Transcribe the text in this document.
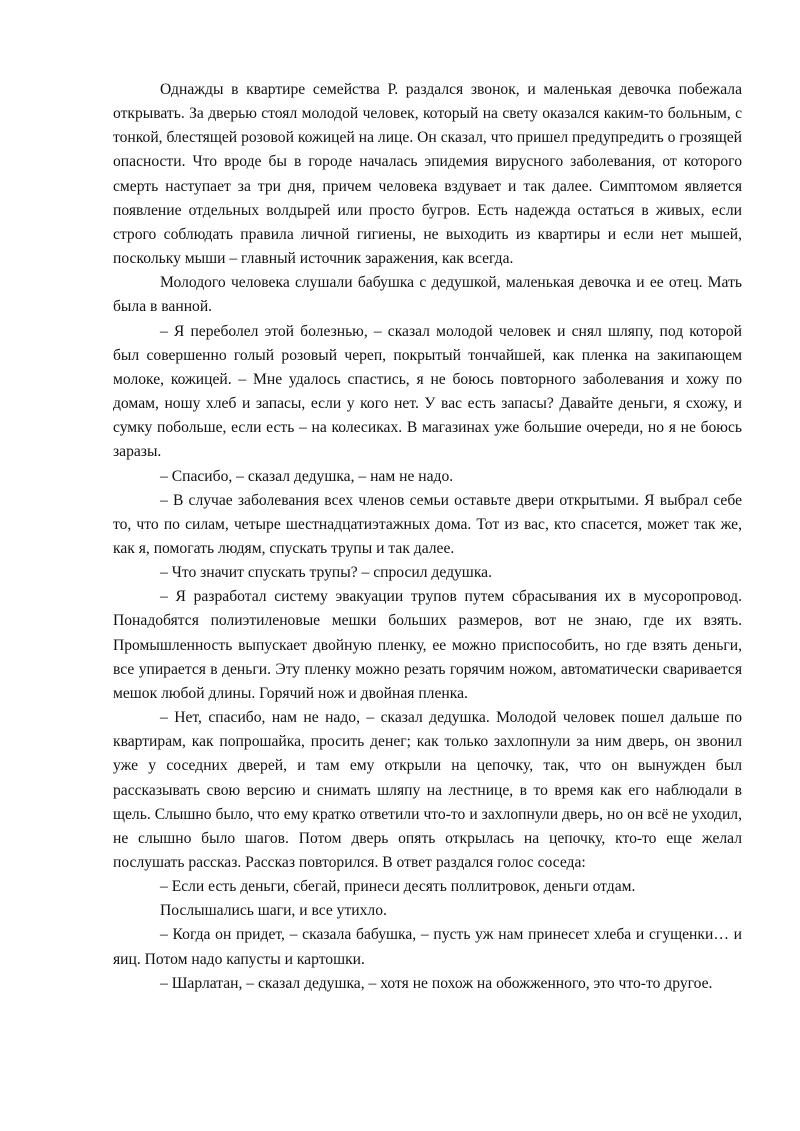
Однажды в квартире семейства Р. раздался звонок, и маленькая девочка побежала открывать. За дверью стоял молодой человек, который на свету оказался каким-то больным, с тонкой, блестящей розовой кожицей на лице. Он сказал, что пришел предупредить о грозящей опасности. Что вроде бы в городе началась эпидемия вирусного заболевания, от которого смерть наступает за три дня, причем человека вздувает и так далее. Симптомом является появление отдельных волдырей или просто бугров. Есть надежда остаться в живых, если строго соблюдать правила личной гигиены, не выходить из квартиры и если нет мышей, поскольку мыши – главный источник заражения, как всегда.

Молодого человека слушали бабушка с дедушкой, маленькая девочка и ее отец. Мать была в ванной.

– Я переболел этой болезнью, – сказал молодой человек и снял шляпу, под которой был совершенно голый розовый череп, покрытый тончайшей, как пленка на закипающем молоке, кожицей. – Мне удалось спастись, я не боюсь повторного заболевания и хожу по домам, ношу хлеб и запасы, если у кого нет. У вас есть запасы? Давайте деньги, я схожу, и сумку побольше, если есть – на колесиках. В магазинах уже большие очереди, но я не боюсь заразы.

– Спасибо, – сказал дедушка, – нам не надо.

– В случае заболевания всех членов семьи оставьте двери открытыми. Я выбрал себе то, что по силам, четыре шестнадцатиэтажных дома. Тот из вас, кто спасется, может так же, как я, помогать людям, спускать трупы и так далее.

– Что значит спускать трупы? – спросил дедушка.

– Я разработал систему эвакуации трупов путем сбрасывания их в мусоропровод. Понадобятся полиэтиленовые мешки больших размеров, вот не знаю, где их взять. Промышленность выпускает двойную пленку, ее можно приспособить, но где взять деньги, все упирается в деньги. Эту пленку можно резать горячим ножом, автоматически сваривается мешок любой длины. Горячий нож и двойная пленка.

– Нет, спасибо, нам не надо, – сказал дедушка. Молодой человек пошел дальше по квартирам, как попрошайка, просить денег; как только захлопнули за ним дверь, он звонил уже у соседних дверей, и там ему открыли на цепочку, так, что он вынужден был рассказывать свою версию и снимать шляпу на лестнице, в то время как его наблюдали в щель. Слышно было, что ему кратко ответили что-то и захлопнули дверь, но он всё не уходил, не слышно было шагов. Потом дверь опять открылась на цепочку, кто-то еще желал послушать рассказ. Рассказ повторился. В ответ раздался голос соседа:

– Если есть деньги, сбегай, принеси десять поллитровок, деньги отдам.

Послышались шаги, и все утихло.

– Когда он придет, – сказала бабушка, – пусть уж нам принесет хлеба и сгущенки… и яиц. Потом надо капусты и картошки.

– Шарлатан, – сказал дедушка, – хотя не похож на обожженного, это что-то другое.
